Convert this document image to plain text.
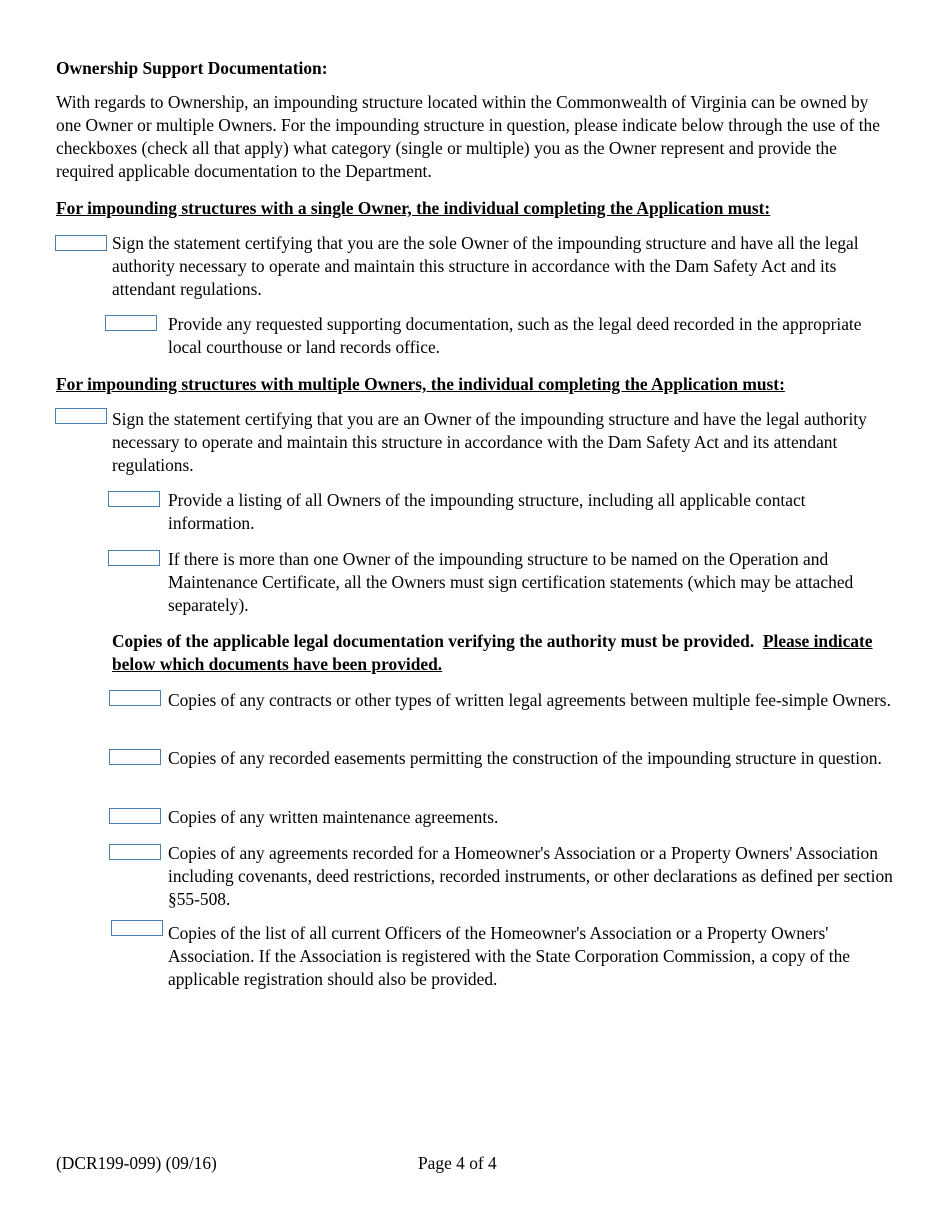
Ownership Support Documentation:

With regards to Ownership, an impounding structure located within the Commonwealth of Virginia can be owned by one Owner or multiple Owners. For the impounding structure in question, please indicate below through the use of the checkboxes (check all that apply) what category (single or multiple) you as the Owner represent and provide the required applicable documentation to the Department.

For impounding structures with a single Owner, the individual completing the Application must:

Sign the statement certifying that you are the sole Owner of the impounding structure and have all the legal authority necessary to operate and maintain this structure in accordance with the Dam Safety Act and its attendant regulations.

Provide any requested supporting documentation, such as the legal deed recorded in the appropriate local courthouse or land records office.

For impounding structures with multiple Owners, the individual completing the Application must:

Sign the statement certifying that you are an Owner of the impounding structure and have the legal authority necessary to operate and maintain this structure in accordance with the Dam Safety Act and its attendant regulations.

Provide a listing of all Owners of the impounding structure, including all applicable contact information.

If there is more than one Owner of the impounding structure to be named on the Operation and Maintenance Certificate, all the Owners must sign certification statements (which may be attached separately).

Copies of the applicable legal documentation verifying the authority must be provided. Please indicate below which documents have been provided.

Copies of any contracts or other types of written legal agreements between multiple fee-simple Owners.

Copies of any recorded easements permitting the construction of the impounding structure in question.

Copies of any written maintenance agreements.

Copies of any agreements recorded for a Homeowner's Association or a Property Owners' Association including covenants, deed restrictions, recorded instruments, or other declarations as defined per section §55-508.

Copies of the list of all current Officers of the Homeowner's Association or a Property Owners' Association. If the Association is registered with the State Corporation Commission, a copy of the applicable registration should also be provided.

(DCR199-099) (09/16)	Page 4 of 4
